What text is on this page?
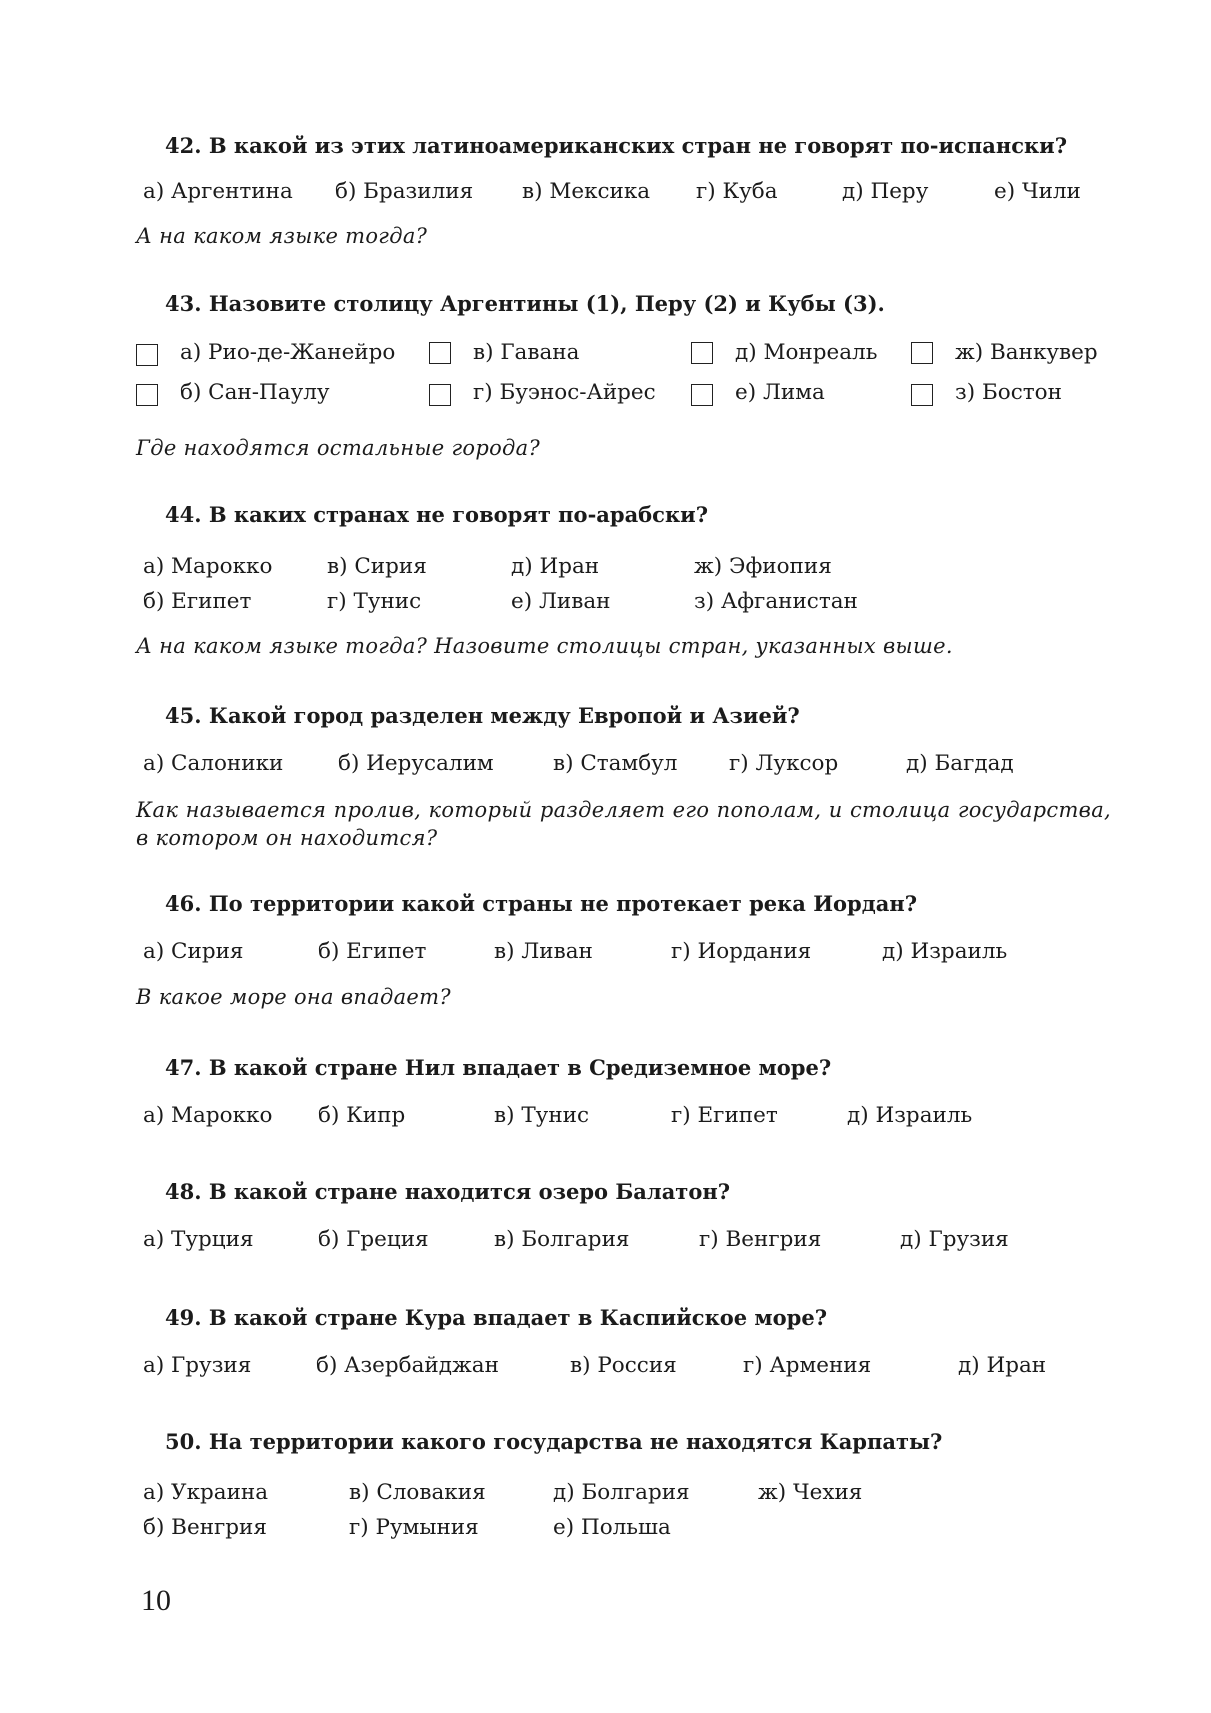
42. В какой из этих латиноамериканских стран не говорят по-испански?
а) Аргентина б) Бразилия в) Мексика г) Куба	д) Перу	е) Чили
А на каком языке тогда?
43. Назовите столицу Аргентины (1), Перу (2) и Кубы (3).
а) Рио-де-Жанейро	в) Гавана	д) Монреаль	ж) Ванкувер
б) Сан-Паулу	г) Буэнос-Айрес	е) Лима	з) Бостон
Где находятся остальные города?
44. В каких странах не говорят по-арабски?
а) Марокко	в) Сирия	д) Иран	ж) Эфиопия
б) Египет	г) Тунис	е) Ливан	з) Афганистан
А на каком языке тогда? Назовите столицы стран, указанных выше.
45. Какой город разделен между Европой и Азией?
а) Салоники	б) Иерусалим	в) Стамбул г) Луксор	д) Багдад
Как называется пролив, который разделяет его пополам, и столица государства, в котором он находится?
46. По территории какой страны не протекает река Иордан?
а) Сирия	б) Египет	в) Ливан	г) Иордания	д) Израиль
В какое море она впадает?
47. В какой стране Нил впадает в Средиземное море?
а) Марокко б) Кипр	в) Тунис	г) Египет	д) Израиль
48. В какой стране находится озеро Балатон?
а) Турция	б) Греция	в) Болгария	г) Венгрия	д) Грузия
49. В какой стране Кура впадает в Каспийское море?
а) Грузия	б) Азербайджан	в) Россия	г) Армения	д) Иран
50. На территории какого государства не находятся Карпаты?
а) Украина	в) Словакия	д) Болгария	ж) Чехия
б) Венгрия	г) Румыния	е) Польша
10
